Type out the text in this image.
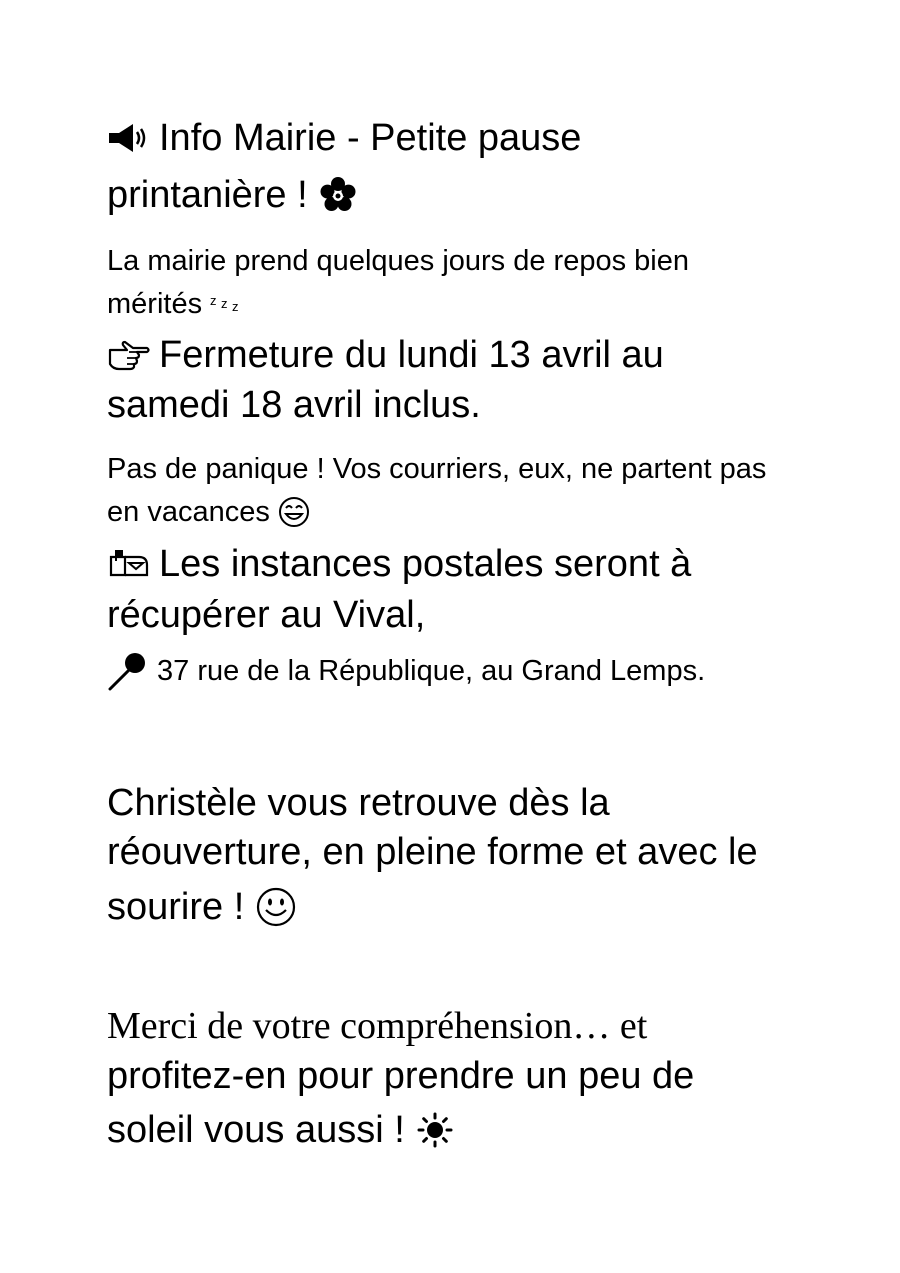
Info Mairie - Petite pause
printanière !
La mairie prend quelques jours de repos bien
mérités z z z
Fermeture du lundi 13 avril au
samedi 18 avril inclus.
Pas de panique ! Vos courriers, eux, ne partent pas
en vacances
Les instances postales seront à
récupérer au Vival,
37 rue de la République, au Grand Lemps.
Christèle vous retrouve dès la
réouverture, en pleine forme et avec le
sourire !
Merci de votre compréhension… et
profitez-en pour prendre un peu de
soleil vous aussi !
